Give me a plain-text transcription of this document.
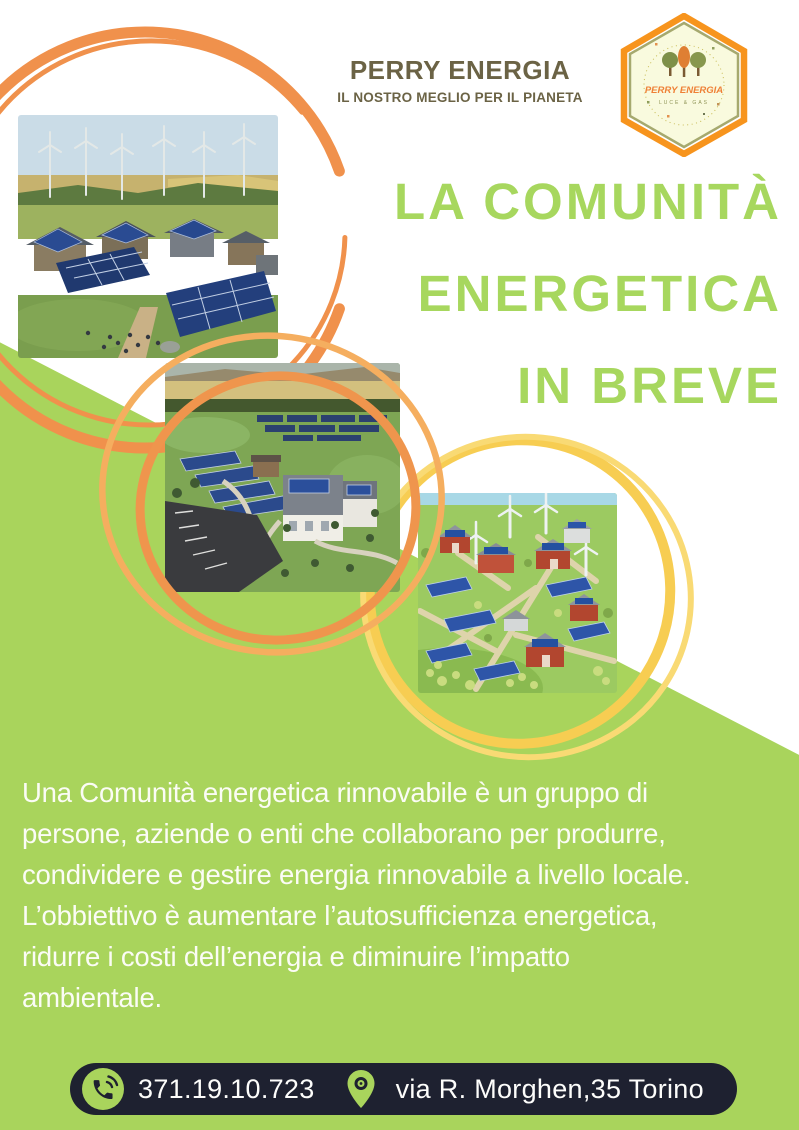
PERRY ENERGIA
IL NOSTRO MEGLIO PER IL PIANETA	PERRY ENERGIA
LUCE & GAS
LA COMUNITÀ
ENERGETICA
IN BREVE
Una Comunità energetica rinnovabile è un gruppo di
persone, aziende o enti che collaborano per produrre,
condividere e gestire energia rinnovabile a livello locale.
L’obbiettivo è aumentare l’autosufficienza energetica,
ridurre i costi dell’energia e diminuire l’impatto
ambientale.
371.19.10.723	via R. Morghen,35 Torino
